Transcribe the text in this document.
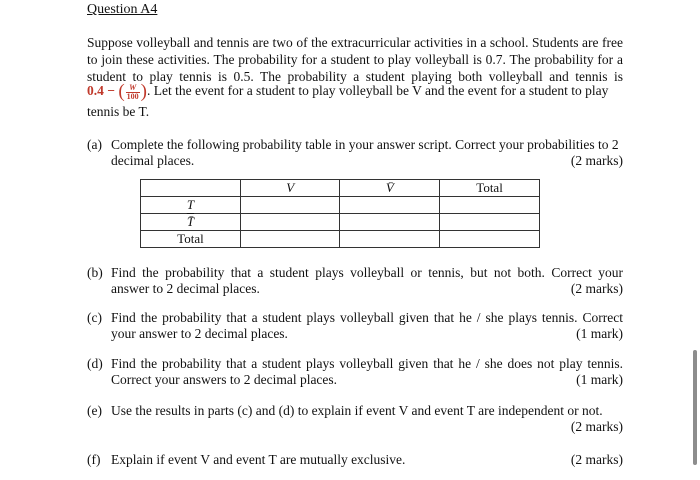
Question A4
Suppose volleyball and tennis are two of the extracurricular activities in a school. Students are free
to join these activities. The probability for a student to play volleyball is 0.7. The probability for a
student to play tennis is 0.5. The probability a student playing both volleyball and tennis is
0.4 − ( $\frac{W}{100}$ ). Let the event for a student to play volleyball be V and the event for a student to play
tennis be T.
(a) Complete the following probability table in your answer script. Correct your probabilities to 2
decimal places.	(2 marks)
	V	V̄	Total
T			
T̄			
Total			
(b) Find the probability that a student plays volleyball or tennis, but not both. Correct your
answer to 2 decimal places.	(2 marks)
(c) Find the probability that a student plays volleyball given that he / she plays tennis. Correct
your answer to 2 decimal places.	(1 mark)
(d) Find the probability that a student plays volleyball given that he / she does not play tennis.
Correct your answers to 2 decimal places.	(1 mark)
(e) Use the results in parts (c) and (d) to explain if event V and event T are independent or not.
(2 marks)
(f) Explain if event V and event T are mutually exclusive.	(2 marks)
